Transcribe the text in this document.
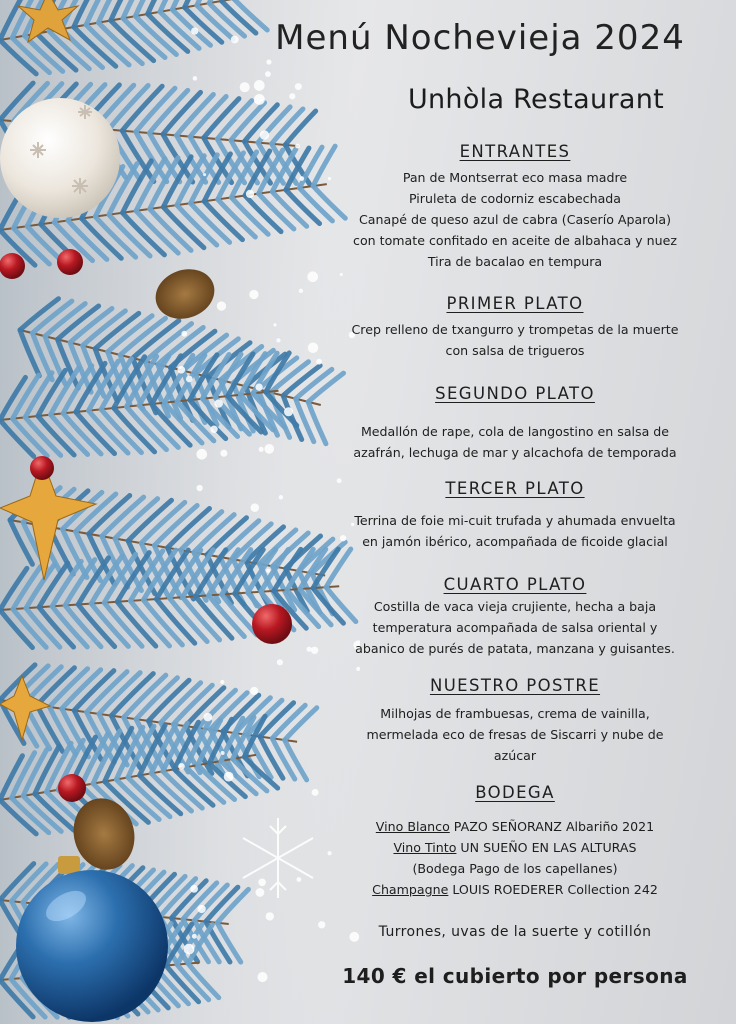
Menú Nochevieja 2024
Unhòla Restaurant
ENTRANTES
Pan de Montserrat eco masa madre
Piruleta de codorniz escabechada
Canapé de queso azul de cabra (Caserío Aparola)
con tomate confitado en aceite de albahaca y nuez
Tira de bacalao en tempura
PRIMER PLATO
Crep relleno de txangurro y trompetas de la muerte
con salsa de trigueros
SEGUNDO PLATO
Medallón de rape, cola de langostino en salsa de
azafrán, lechuga de mar y alcachofa de temporada
TERCER PLATO
Terrina de foie mi-cuit trufada y ahumada envuelta
en jamón ibérico, acompañada de ficoide glacial
CUARTO PLATO
Costilla de vaca vieja crujiente, hecha a baja
temperatura acompañada de salsa oriental y
abanico de purés de patata, manzana y guisantes.
NUESTRO POSTRE
Milhojas de frambuesas, crema de vainilla,
mermelada eco de fresas de Siscarri y nube de
azúcar
BODEGA
Vino Blanco PAZO SEÑORANZ Albariño 2021
Vino Tinto UN SUEÑO EN LAS ALTURAS
(Bodega Pago de los capellanes)
Champagne LOUIS ROEDERER Collection 242
Turrones, uvas de la suerte y cotillón
140 € el cubierto por persona
